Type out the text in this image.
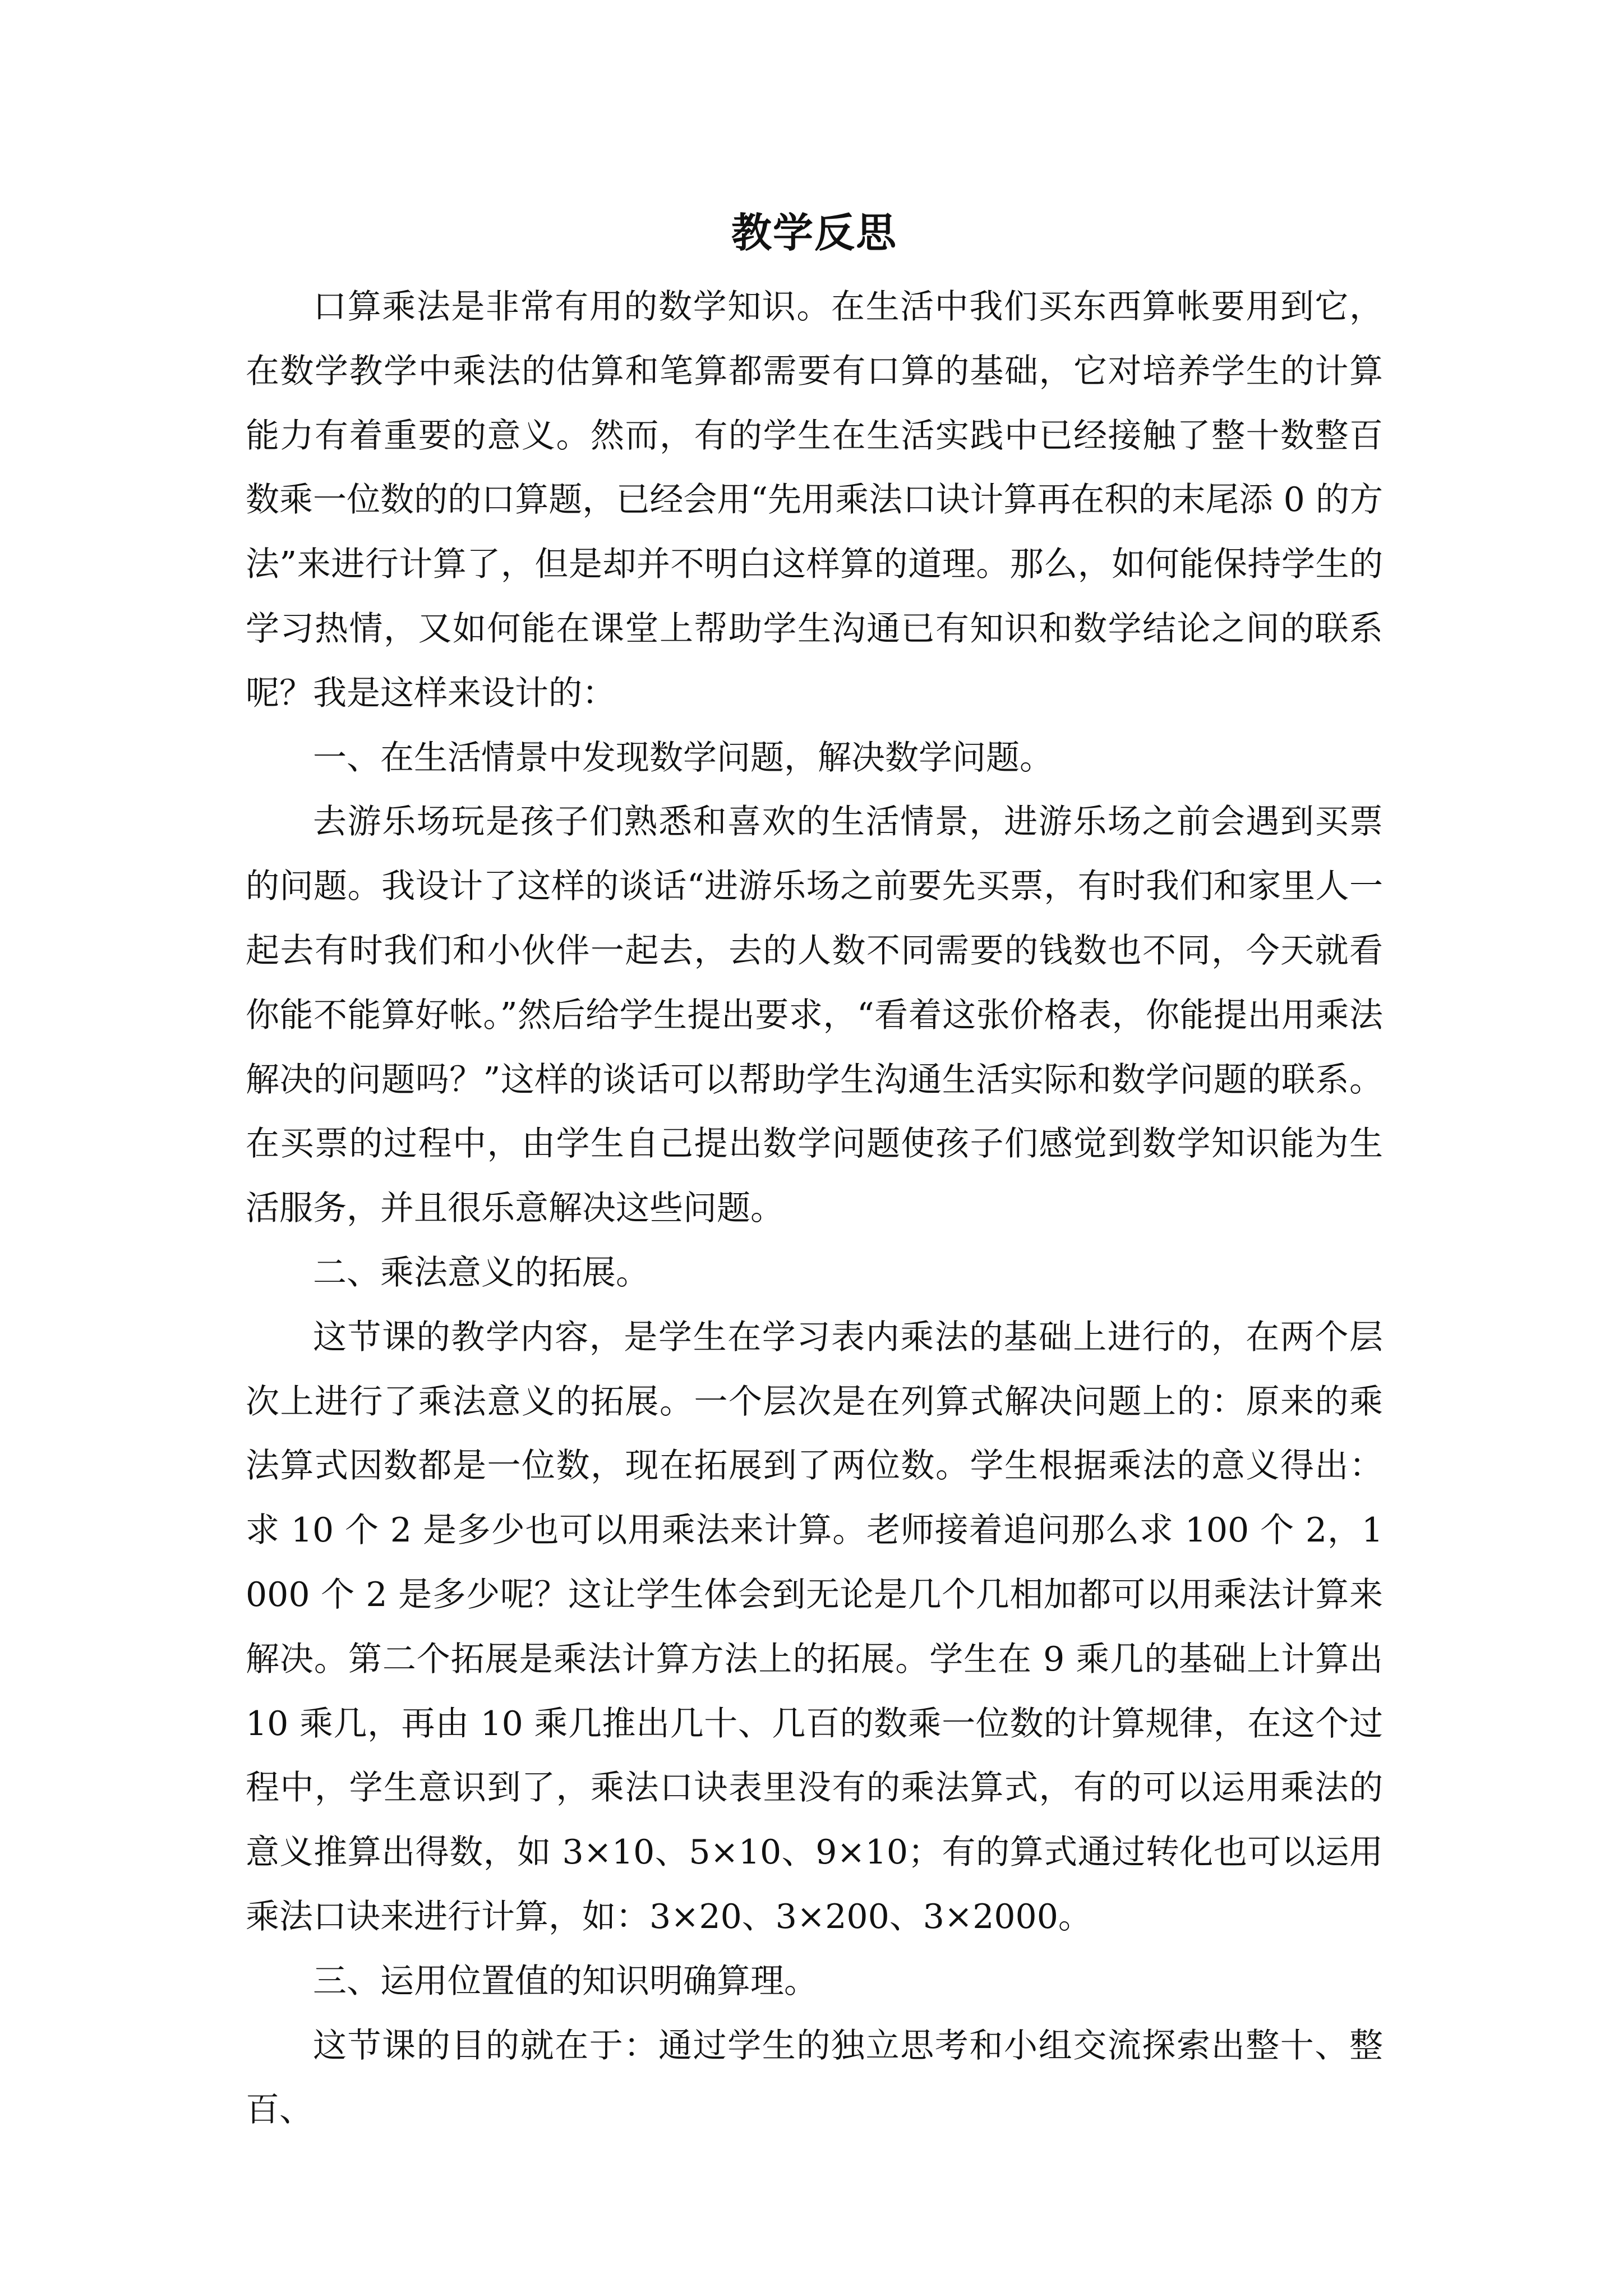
教学反思

口算乘法是非常有用的数学知识。在生活中我们买东西算帐要用到它，在数学教学中乘法的估算和笔算都需要有口算的基础，它对培养学生的计算能力有着重要的意义。然而，有的学生在生活实践中已经接触了整十数整百数乘一位数的的口算题，已经会用“先用乘法口诀计算再在积的末尾添 0 的方法”来进行计算了，但是却并不明白这样算的道理。那么，如何能保持学生的学习热情，又如何能在课堂上帮助学生沟通已有知识和数学结论之间的联系呢？我是这样来设计的：

一、在生活情景中发现数学问题，解决数学问题。

去游乐场玩是孩子们熟悉和喜欢的生活情景，进游乐场之前会遇到买票的问题。我设计了这样的谈话“进游乐场之前要先买票，有时我们和家里人一起去有时我们和小伙伴一起去，去的人数不同需要的钱数也不同，今天就看你能不能算好帐。”然后给学生提出要求，“看着这张价格表，你能提出用乘法解决的问题吗？”这样的谈话可以帮助学生沟通生活实际和数学问题的联系。在买票的过程中，由学生自己提出数学问题使孩子们感觉到数学知识能为生活服务，并且很乐意解决这些问题。

二、乘法意义的拓展。

这节课的教学内容，是学生在学习表内乘法的基础上进行的，在两个层次上进行了乘法意义的拓展。一个层次是在列算式解决问题上的：原来的乘法算式因数都是一位数，现在拓展到了两位数。学生根据乘法的意义得出：求 10 个 2 是多少也可以用乘法来计算。老师接着追问那么求 100 个 2，1000 个 2 是多少呢？这让学生体会到无论是几个几相加都可以用乘法计算来解决。第二个拓展是乘法计算方法上的拓展。学生在 9 乘几的基础上计算出 10 乘几，再由 10 乘几推出几十、几百的数乘一位数的计算规律，在这个过程中，学生意识到了，乘法口诀表里没有的乘法算式，有的可以运用乘法的意义推算出得数，如 3×10、5×10、9×10；有的算式通过转化也可以运用乘法口诀来进行计算，如：3×20、3×200、3×2000。

三、运用位置值的知识明确算理。

这节课的目的就在于：通过学生的独立思考和小组交流探索出整十、整百、
